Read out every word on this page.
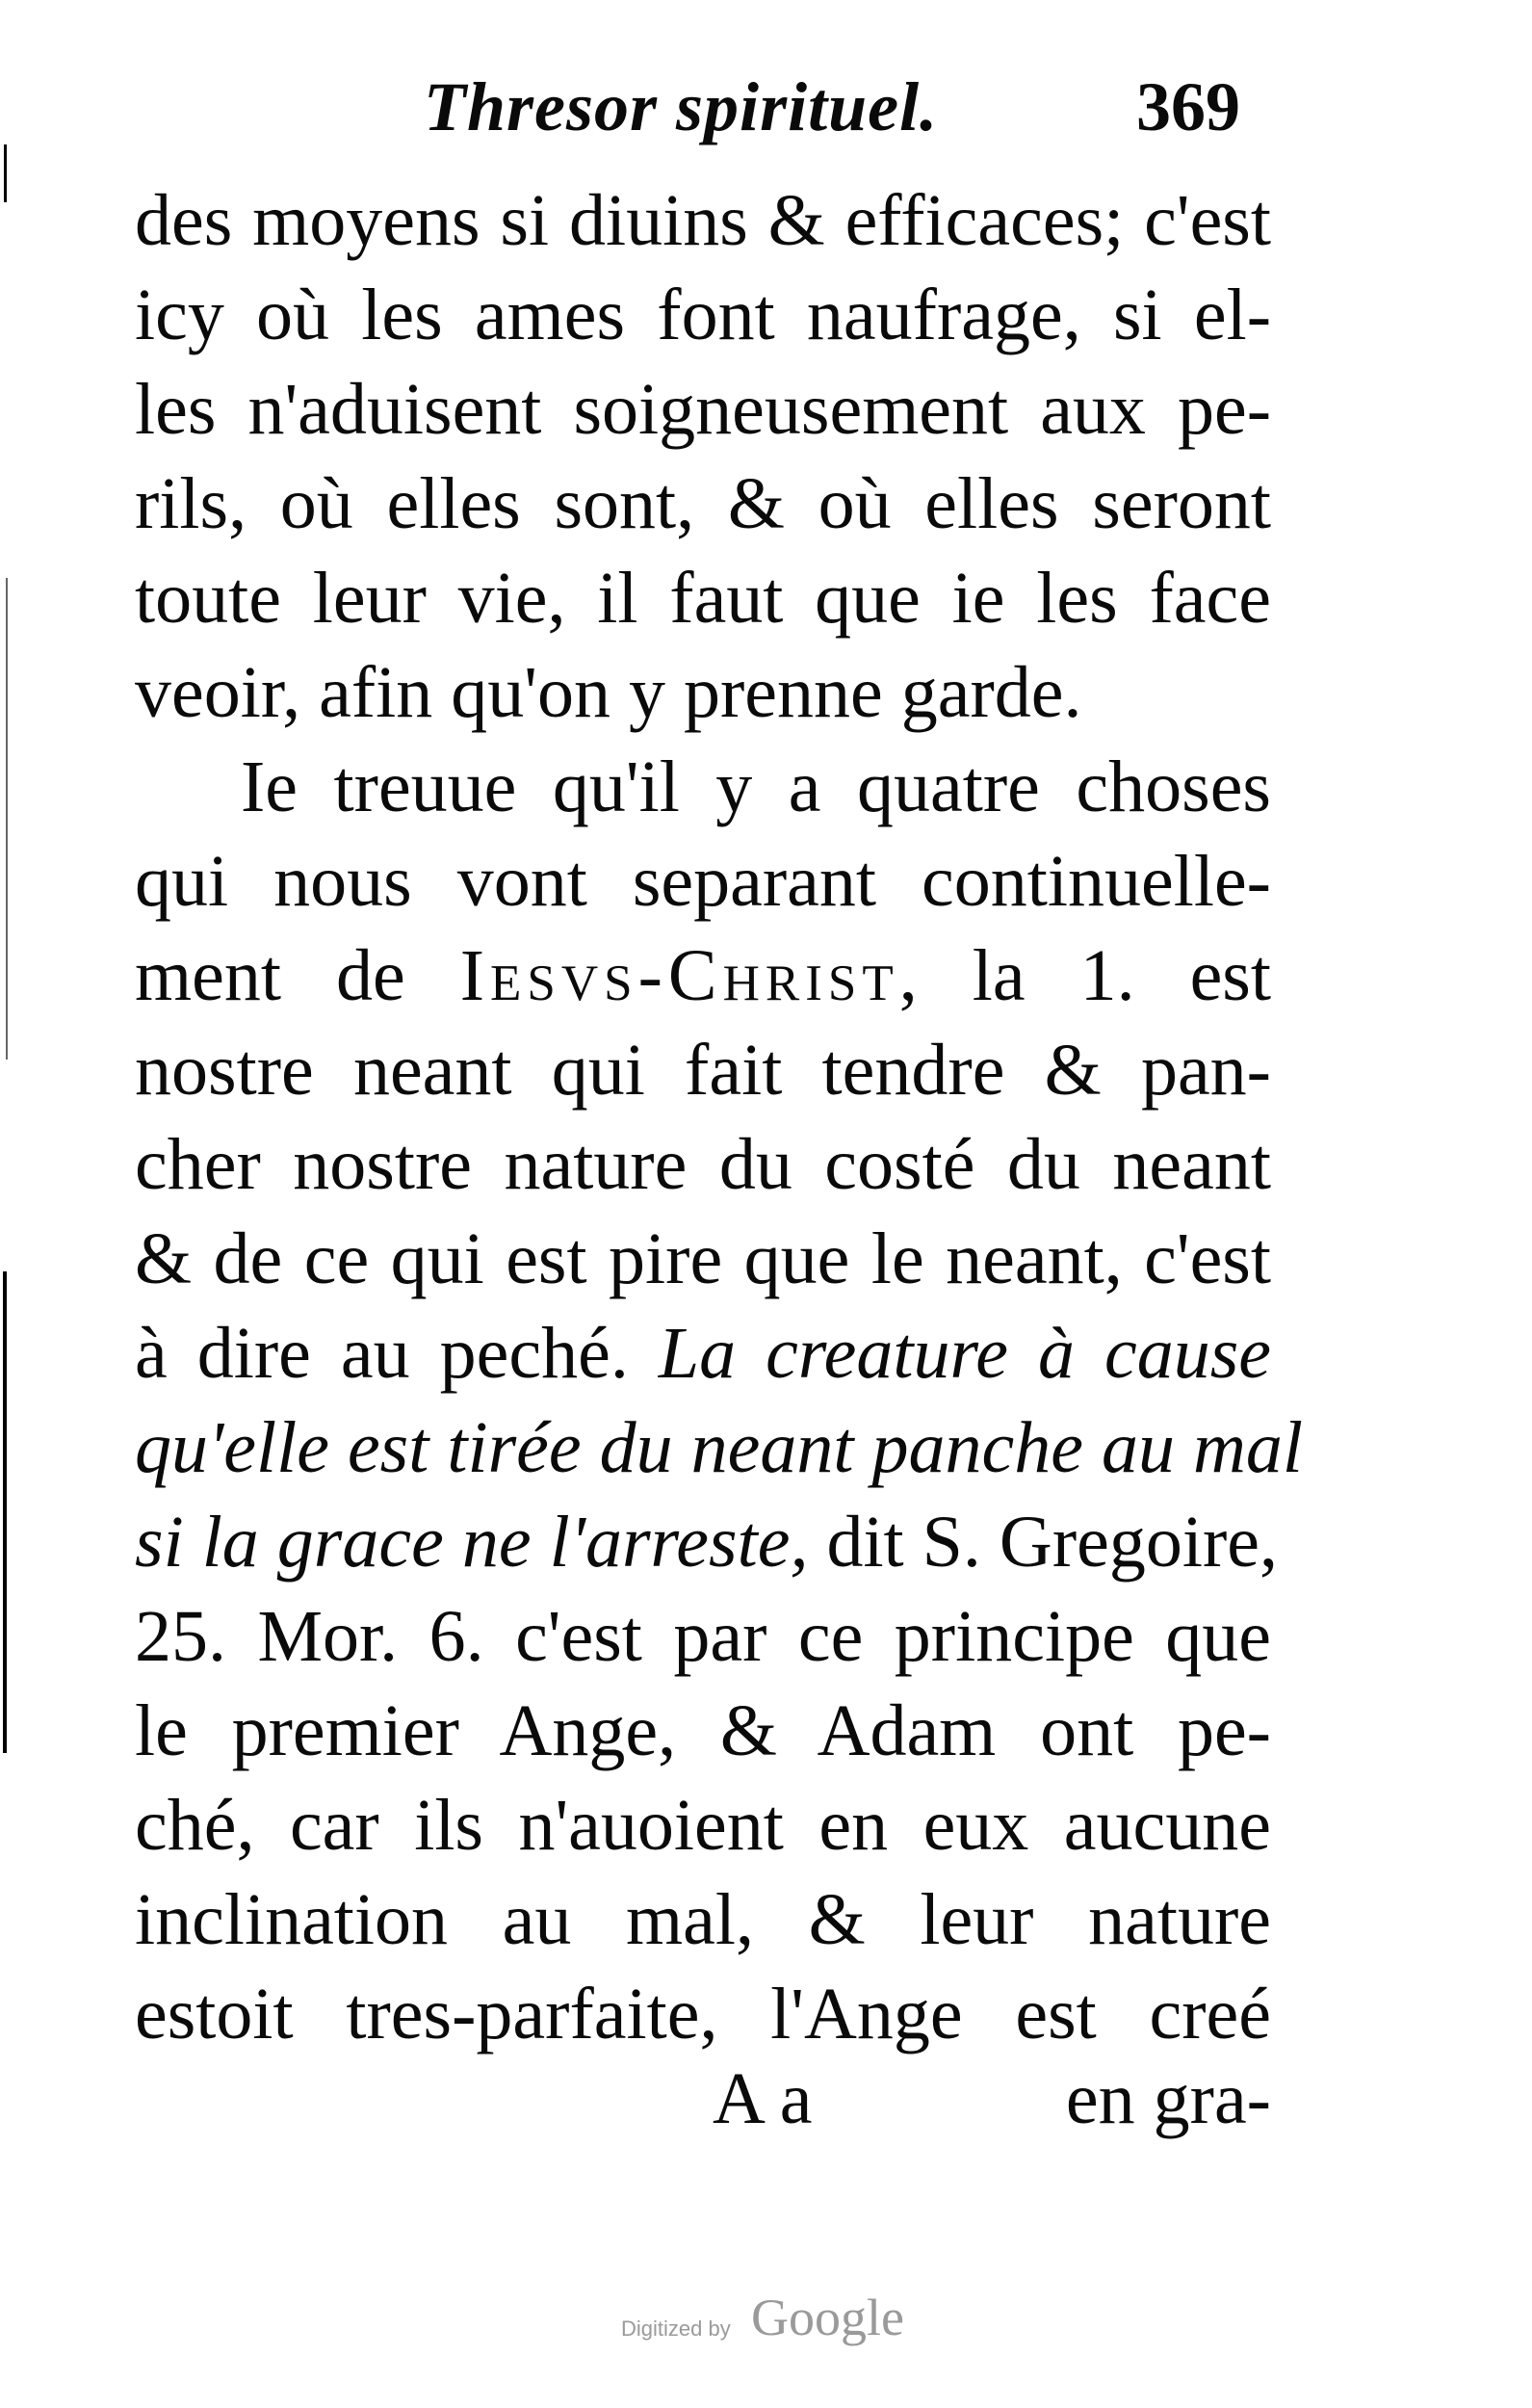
Thresor spirituel.	369
des moyens si diuins & efficaces; c'est
icy où les ames font naufrage, si el-
les n'aduisent soigneusement aux pe-
rils, où elles sont, & où elles seront
toute leur vie, il faut que ie les face
veoir, afin qu'on y prenne garde.
Ie treuue qu'il y a quatre choses
qui nous vont separant continuelle-
ment de Iesvs-Christ, la 1. est
nostre neant qui fait tendre & pan-
cher nostre nature du costé du neant
& de ce qui est pire que le neant, c'est
à dire au peché. La creature à cause
qu'elle est tirée du neant panche au mal
si la grace ne l'arreste, dit S. Gregoire,
25. Mor. 6. c'est par ce principe que
le premier Ange, & Adam ont pe-
ché, car ils n'auoient en eux aucune
inclination au mal, & leur nature
estoit tres-parfaite, l'Ange est creé
A a	en gra-
Digitized by Google
